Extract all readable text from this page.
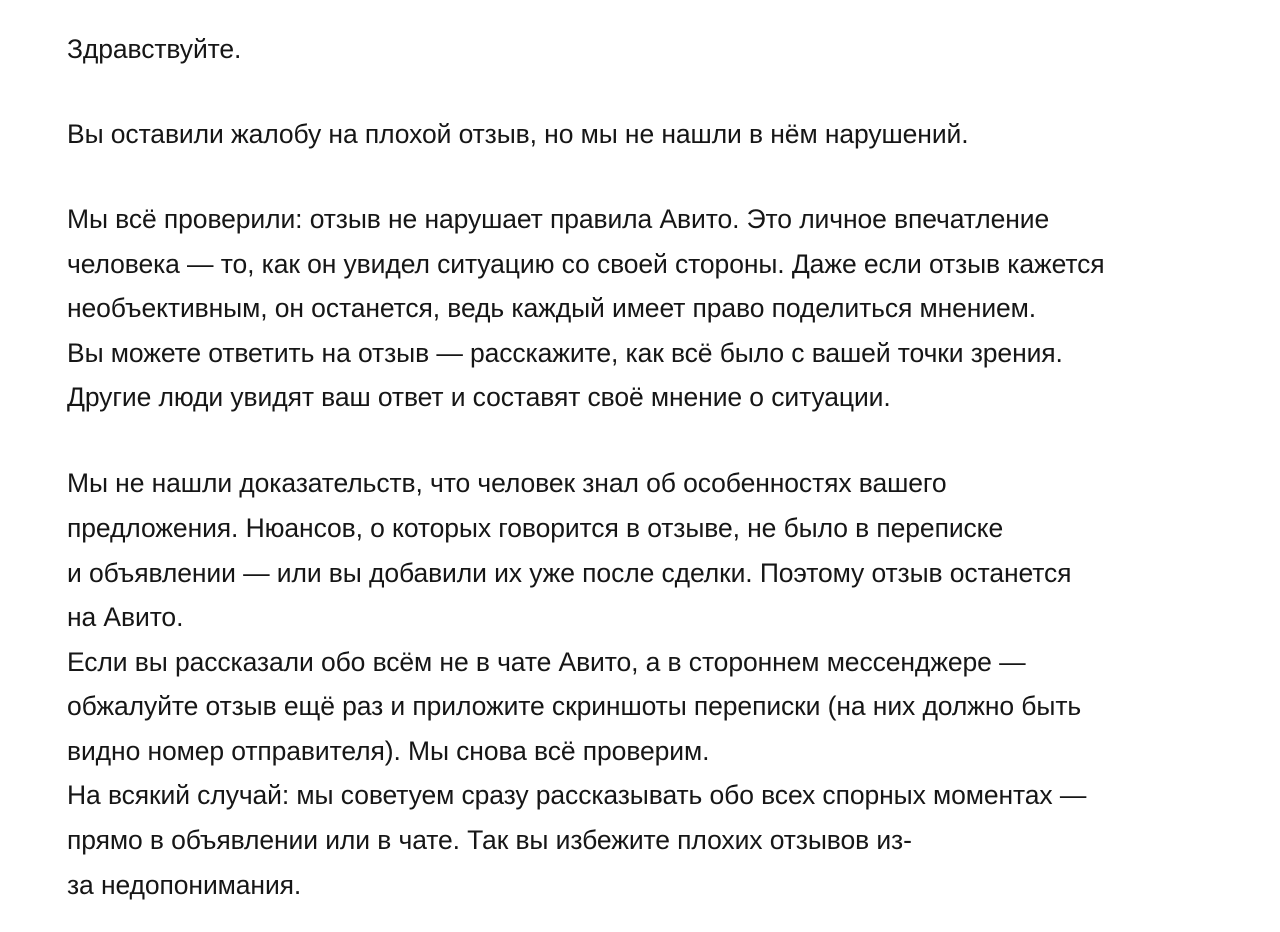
Здравствуйте.
Вы оставили жалобу на плохой отзыв, но мы не нашли в нём нарушений.
Мы всё проверили: отзыв не нарушает правила Авито. Это личное впечатление
человека — то, как он увидел ситуацию со своей стороны. Даже если отзыв кажется
необъективным, он останется, ведь каждый имеет право поделиться мнением.
Вы можете ответить на отзыв — расскажите, как всё было с вашей точки зрения.
Другие люди увидят ваш ответ и составят своё мнение о ситуации.
Мы не нашли доказательств, что человек знал об особенностях вашего
предложения. Нюансов, о которых говорится в отзыве, не было в переписке
и объявлении — или вы добавили их уже после сделки. Поэтому отзыв останется
на Авито.
Если вы рассказали обо всём не в чате Авито, а в стороннем мессенджере —
обжалуйте отзыв ещё раз и приложите скриншоты переписки (на них должно быть
видно номер отправителя). Мы снова всё проверим.
На всякий случай: мы советуем сразу рассказывать обо всех спорных моментах —
прямо в объявлении или в чате. Так вы избежите плохих отзывов из-
за недопонимания.
